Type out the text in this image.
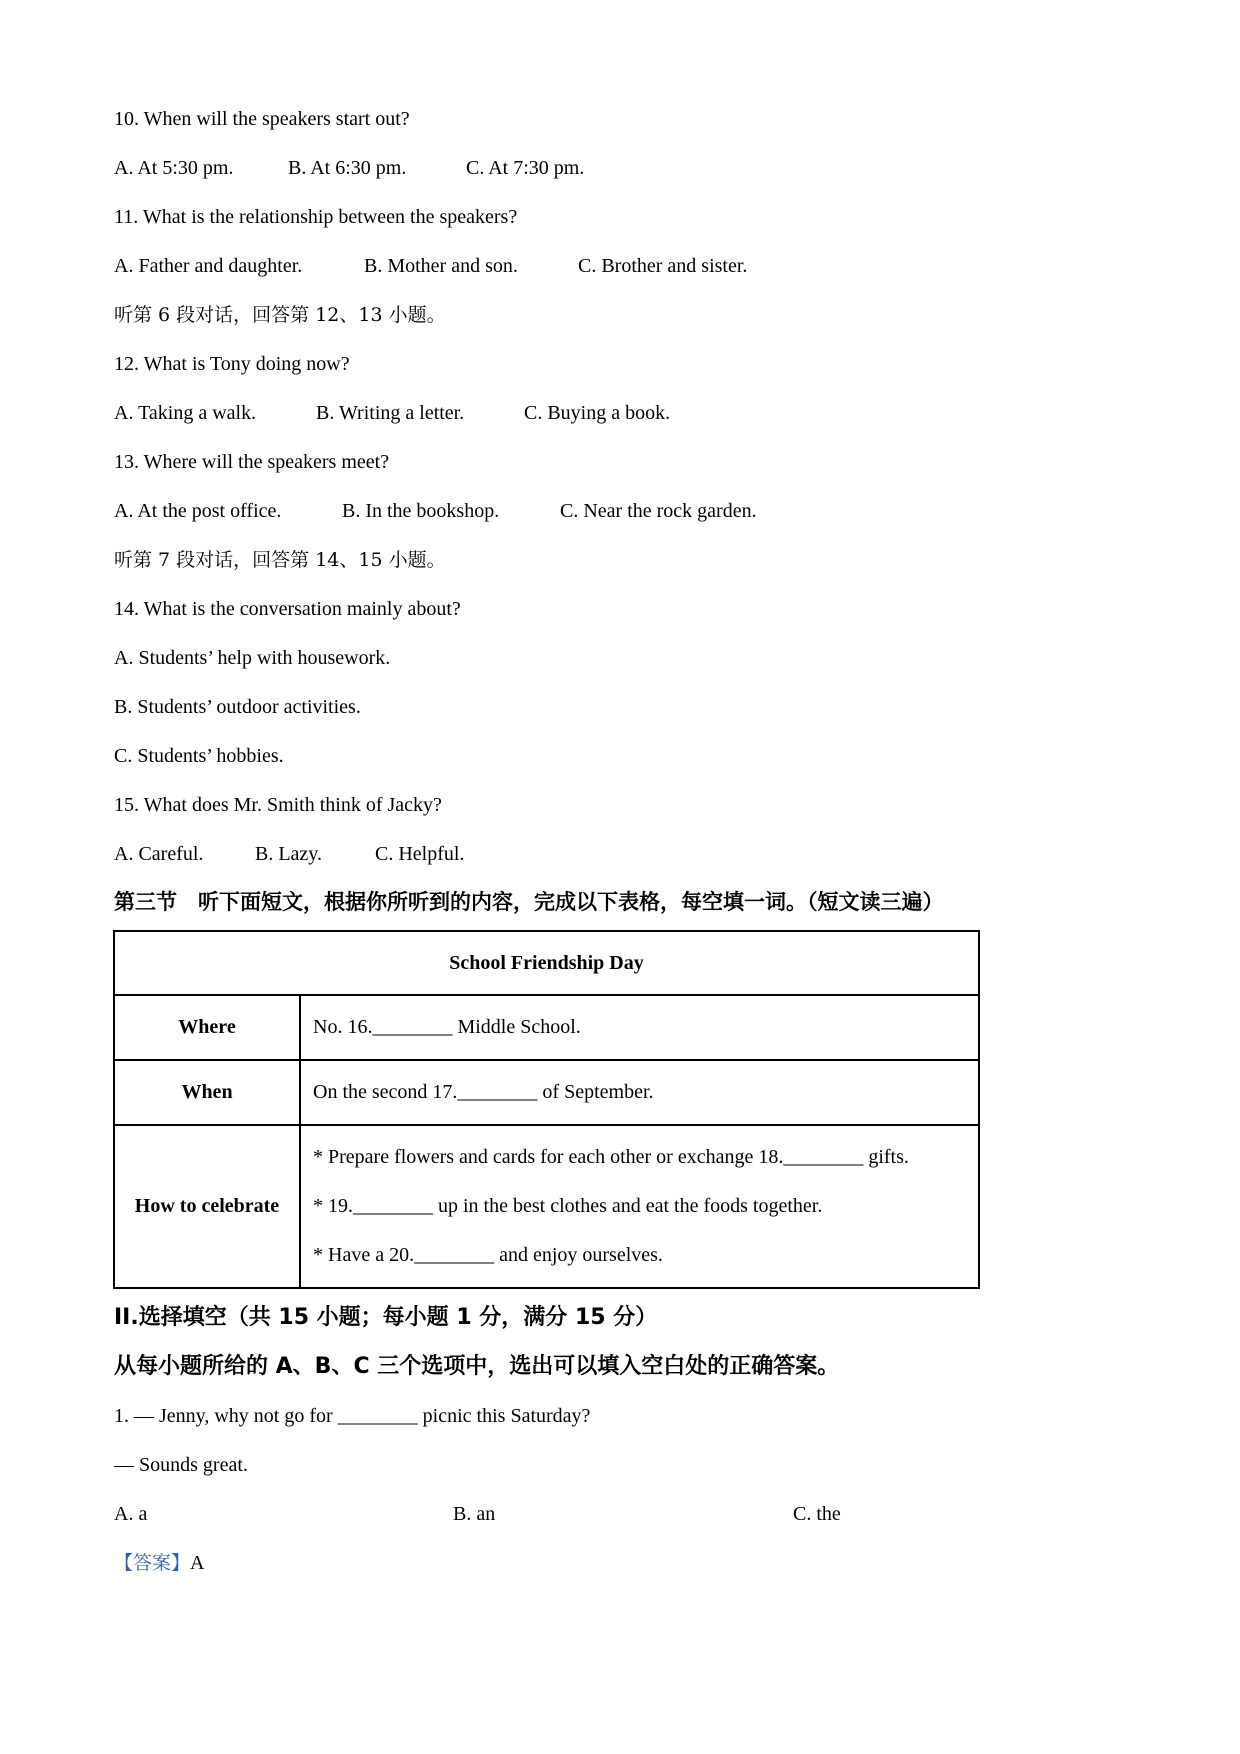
10. When will the speakers start out?
A. At 5:30 pm.	B. At 6:30 pm.	C. At 7:30 pm.
11. What is the relationship between the speakers?
A. Father and daughter.	B. Mother and son.	C. Brother and sister.
听第 6 段对话，回答第 12、13 小题。
12. What is Tony doing now?
A. Taking a walk.	B. Writing a letter.	C. Buying a book.
13. Where will the speakers meet?
A. At the post office.	B. In the bookshop.	C. Near the rock garden.
听第 7 段对话，回答第 14、15 小题。
14. What is the conversation mainly about?
A. Students’ help with housework.
B. Students’ outdoor activities.
C. Students’ hobbies.
15. What does Mr. Smith think of Jacky?
A. Careful.	B. Lazy.	C. Helpful.
第三节　听下面短文，根据你所听到的内容，完成以下表格，每空填一词。（短文读三遍）
School Friendship Day	
Where	No. 16.________ Middle School.
When	On the second 17.________ of September.
How to celebrate	* Prepare flowers and cards for each other or exchange 18.________ gifts.
* 19.________ up in the best clothes and eat the foods together.
* Have a 20.________ and enjoy ourselves.
II.选择填空（共 15 小题；每小题 1 分，满分 15 分）
从每小题所给的 A、B、C 三个选项中，选出可以填入空白处的正确答案。
1. — Jenny, why not go for ________ picnic this Saturday?
— Sounds great.
A. a	B. an	C. the
【答案】A
